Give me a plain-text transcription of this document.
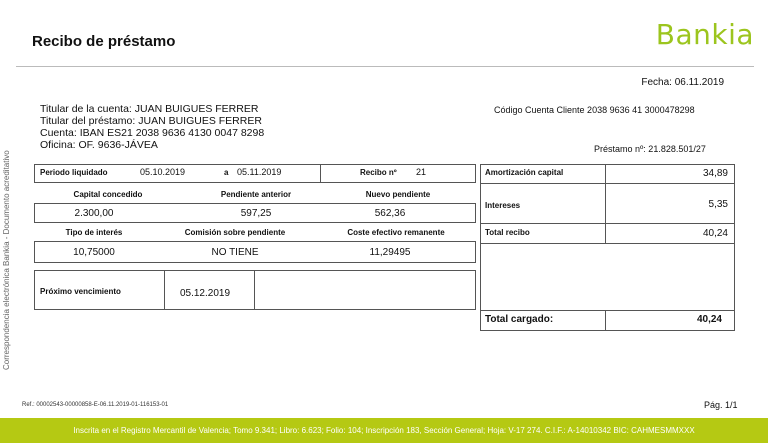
Recibo de préstamo	Bankia
Fecha: 06.11.2019
Correspondencia electrónica Bankia - Documento acreditativo
Titular de la cuenta: JUAN BUIGUES FERRER
Titular del préstamo: JUAN BUIGUES FERRER
Cuenta: IBAN ES21 2038 9636 4130 0047 8298
Oficina: OF. 9636-JÁVEA
Código Cuenta Cliente 2038 9636 41 3000478298
Préstamo nº: 21.828.501/27
Periodo liquidado	05.10.2019	a 05.11.2019	Recibo nº 21
Capital concedido	Pendiente anterior	Nuevo pendiente
2.300,00	597,25	562,36
Tipo de interés	Comisión sobre pendiente	Coste efectivo remanente
10,75000	NO TIENE	11,29495
Próximo vencimiento	05.12.2019
Amortización capital	34,89
Intereses	5,35
Total recibo	40,24
Total cargado:	40,24
Ref.: 00002543-00000858-E-06.11.2019-01-116153-01	Pág. 1/1
Inscrita en el Registro Mercantil de Valencia; Tomo 9.341; Libro: 6.623; Folio: 104; Inscripción 183, Sección General; Hoja: V-17 274. C.I.F.: A-14010342 BIC: CAHMESMMXXX
